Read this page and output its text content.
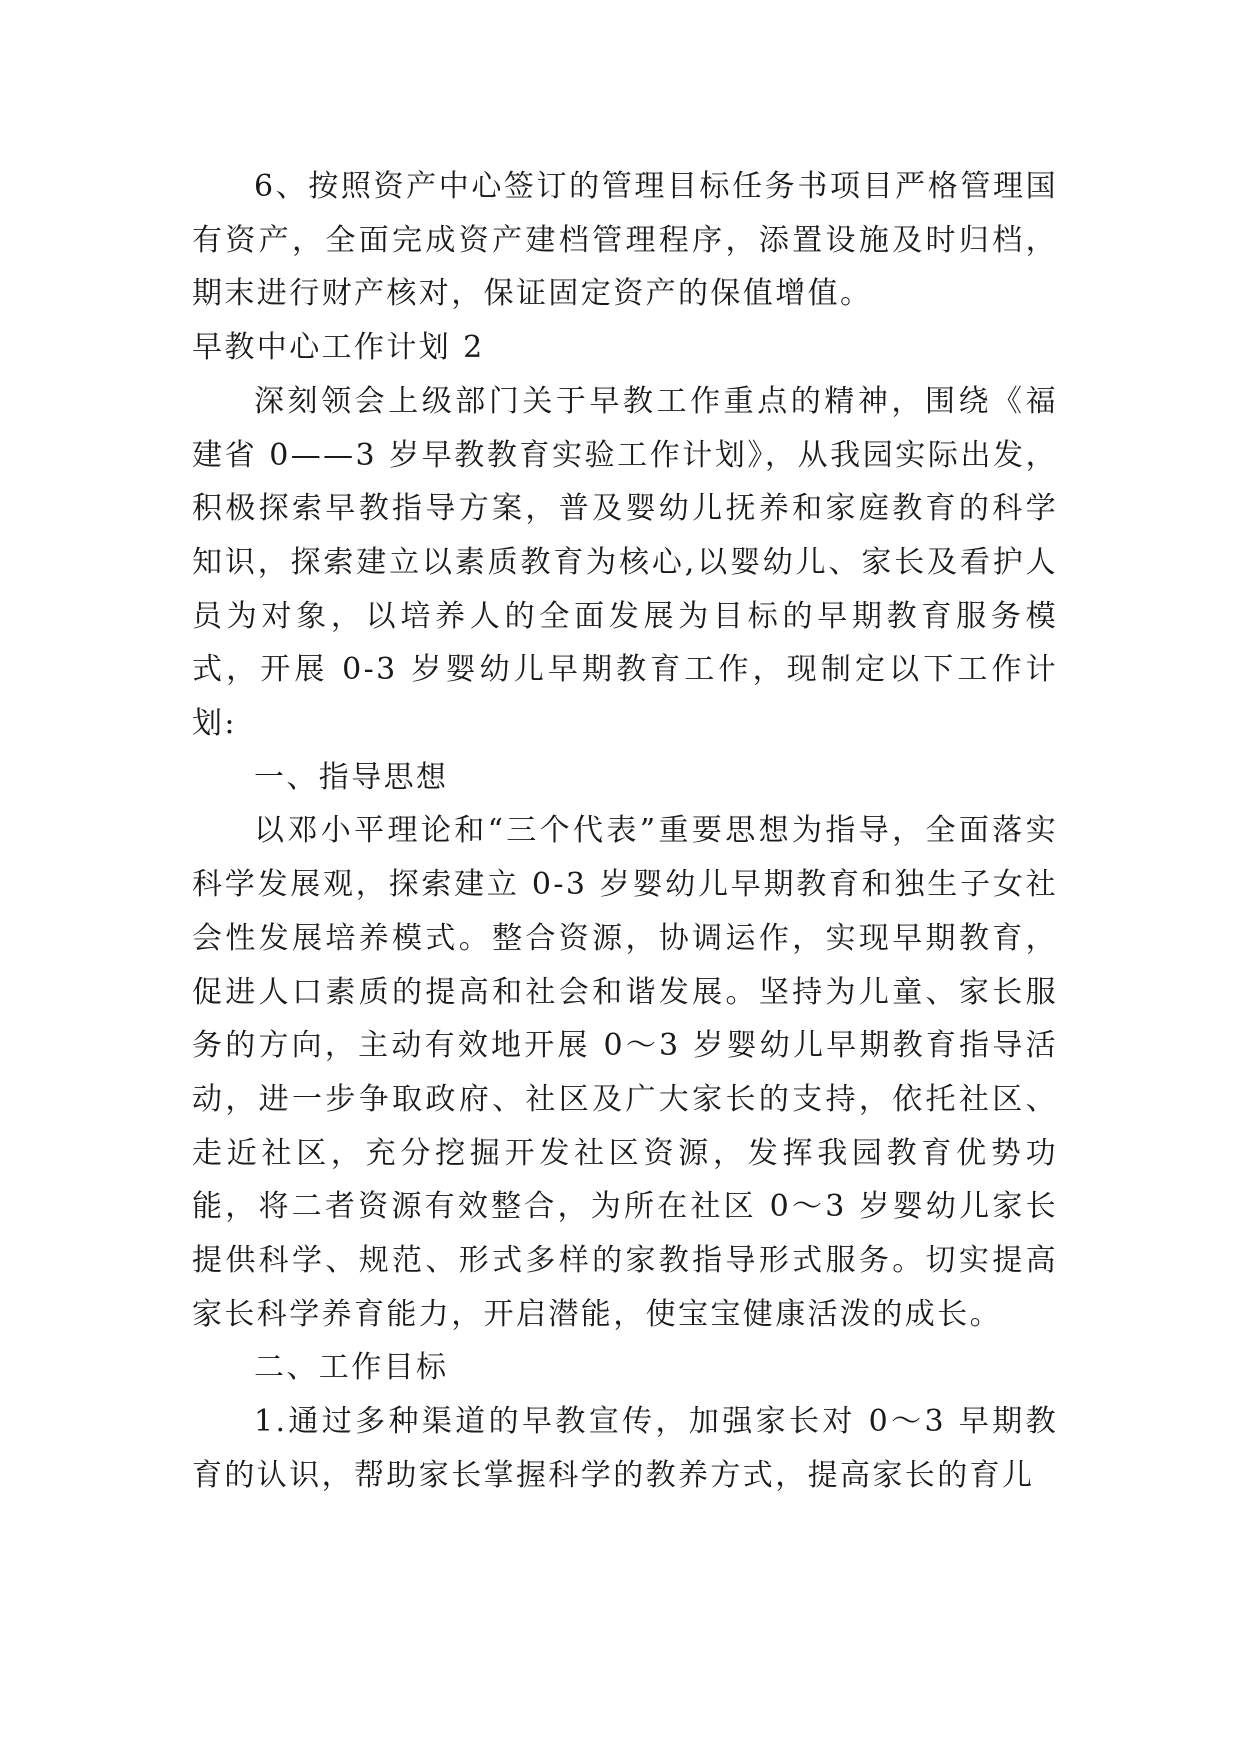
6、按照资产中心签订的管理目标任务书项目严格管理国有资产，全面完成资产建档管理程序，添置设施及时归档，期末进行财产核对，保证固定资产的保值增值。

早教中心工作计划 2

深刻领会上级部门关于早教工作重点的精神，围绕《福建省 0——3 岁早教教育实验工作计划》，从我园实际出发，积极探索早教指导方案，普及婴幼儿抚养和家庭教育的科学知识，探索建立以素质教育为核心,以婴幼儿、家长及看护人员为对象，以培养人的全面发展为目标的早期教育服务模式，开展 0-3 岁婴幼儿早期教育工作，现制定以下工作计划:

一、指导思想

以邓小平理论和“三个代表”重要思想为指导，全面落实科学发展观，探索建立 0-3 岁婴幼儿早期教育和独生子女社会性发展培养模式。整合资源，协调运作，实现早期教育，促进人口素质的提高和社会和谐发展。坚持为儿童、家长服务的方向，主动有效地开展 0～3 岁婴幼儿早期教育指导活动，进一步争取政府、社区及广大家长的支持，依托社区、走近社区，充分挖掘开发社区资源，发挥我园教育优势功能，将二者资源有效整合，为所在社区 0～3 岁婴幼儿家长提供科学、规范、形式多样的家教指导形式服务。切实提高家长科学养育能力，开启潜能，使宝宝健康活泼的成长。

二、工作目标

1.通过多种渠道的早教宣传，加强家长对 0～3 早期教育的认识，帮助家长掌握科学的教养方式，提高家长的育儿
